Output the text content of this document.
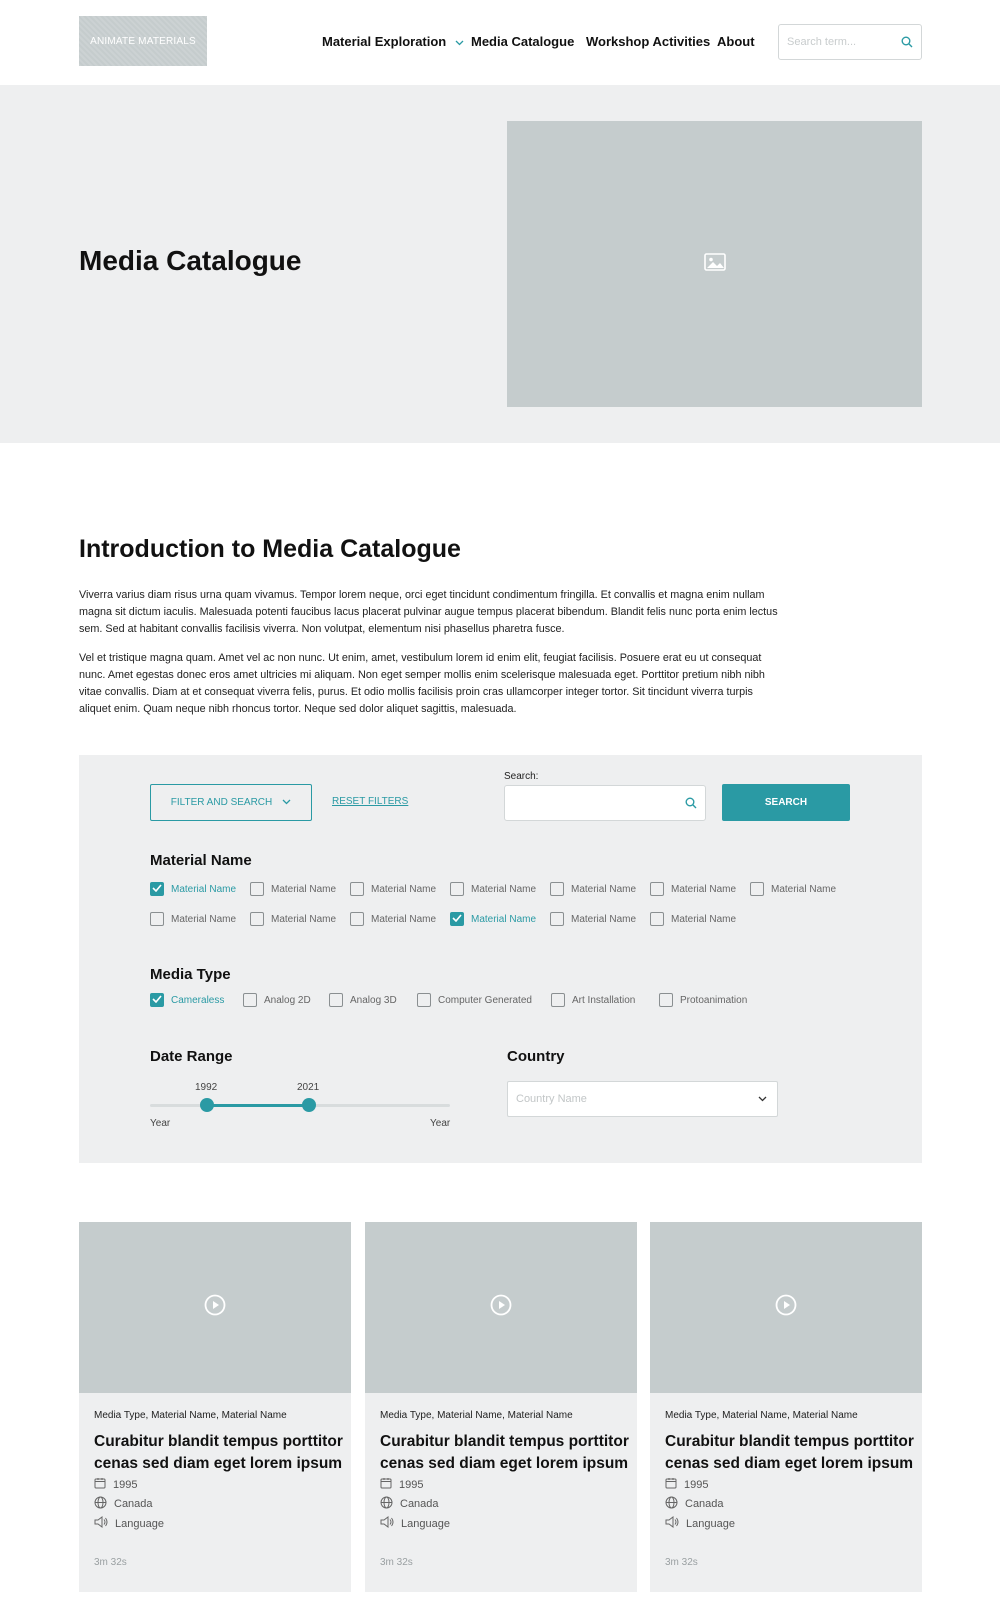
ANIMATE MATERIALS	Material Exploration	Media Catalogue Workshop Activities About
Search term...
Media Catalogue
Introduction to Media Catalogue

Viverra varius diam risus urna quam vivamus. Tempor lorem neque, orci eget tincidunt condimentum fringilla. Et convallis et magna enim nullam magna sit dictum iaculis. Malesuada potenti faucibus lacus placerat pulvinar augue tempus placerat bibendum. Blandit felis nunc porta enim lectus sem. Sed at habitant convallis facilisis viverra. Non volutpat, elementum nisi phasellus pharetra fusce.

Vel et tristique magna quam. Amet vel ac non nunc. Ut enim, amet, vestibulum lorem id enim elit, feugiat facilisis. Posuere erat eu ut consequat nunc. Amet egestas donec eros amet ultricies mi aliquam. Non eget semper mollis enim scelerisque malesuada eget. Porttitor pretium nibh nibh vitae convallis. Diam at et consequat viverra felis, purus. Et odio mollis facilisis proin cras ullamcorper integer tortor. Sit tincidunt viverra turpis aliquet enim. Quam neque nibh rhoncus tortor. Neque sed dolor aliquet sagittis, malesuada.

FILTER AND SEARCH	RESET FILTERS
Search:
SEARCH
Material Name
Material Name	Material Name	Material Name	Material Name	Material Name	Material Name	Material Name
Material Name	Material Name	Material Name	Material Name	Material Name	Material Name
Media Type
Cameraless	Analog 2D	Analog 3D	Computer Generated	Art Installation	Protoanimation
Date Range
1992	2021
Year	Year
Country
Country Name
Media Type, Material Name, Material Name
Curabitur blandit tempus porttitor cenas sed diam eget lorem ipsum
1995
Canada
Language
3m 32s
Media Type, Material Name, Material Name
Curabitur blandit tempus porttitor cenas sed diam eget lorem ipsum
1995
Canada
Language
3m 32s
Media Type, Material Name, Material Name
Curabitur blandit tempus porttitor cenas sed diam eget lorem ipsum
1995
Canada
Language
3m 32s
